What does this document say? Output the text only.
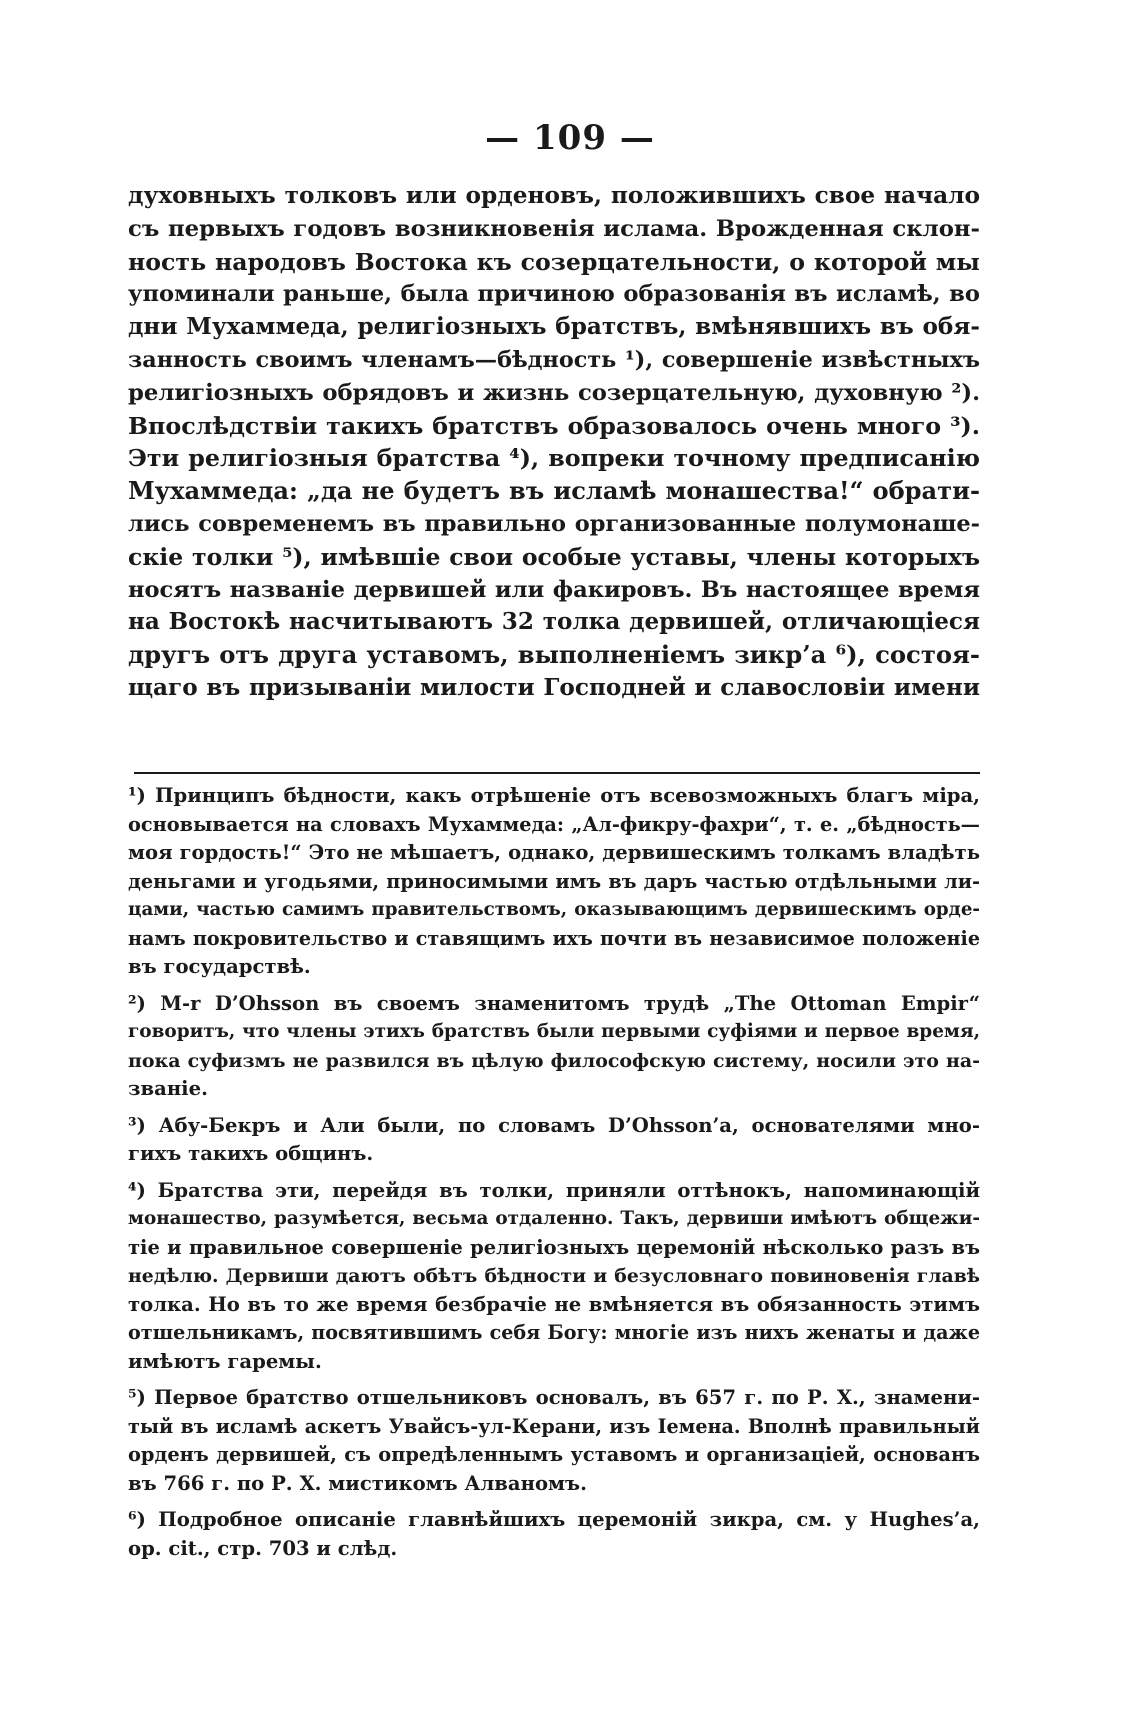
— 109 —
духовныхъ толковъ или орденовъ, положившихъ свое начало
съ первыхъ годовъ возникновенія ислама. Врожденная склон-
ность народовъ Востока къ созерцательности, о которой мы
упоминали раньше, была причиною образованія въ исламѣ, во
дни Мухаммеда, религіозныхъ братствъ, вмѣнявшихъ въ обя-
занность своимъ членамъ—бѣдность ¹), совершеніе извѣстныхъ
религіозныхъ обрядовъ и жизнь созерцательную, духовную ²).
Впослѣдствіи такихъ братствъ образовалось очень много ³).
Эти религіозныя братства ⁴), вопреки точному предписанію
Мухаммеда: „да не будетъ въ исламѣ монашества!“ обрати-
лись современемъ въ правильно организованные полумонаше-
скіе толки ⁵), имѣвшіе свои особые уставы, члены которыхъ
носятъ названіе дервишей или факировъ. Въ настоящее время
на Востокѣ насчитываютъ 32 толка дервишей, отличающіеся
другъ отъ друга уставомъ, выполненіемъ зикр’а ⁶), состоя-
щаго въ призываніи милости Господней и славословіи имени
¹) Принципъ бѣдности, какъ отрѣшеніе отъ всевозможныхъ благъ міра,
основывается на словахъ Мухаммеда: „Ал-фикру-фахри“, т. е. „бѣдность—
моя гордость!“ Это не мѣшаетъ, однако, дервишескимъ толкамъ владѣть
деньгами и угодьями, приносимыми имъ въ даръ частью отдѣльными ли-
цами, частью самимъ правительствомъ, оказывающимъ дервишескимъ орде-
намъ покровительство и ставящимъ ихъ почти въ независимое положеніе
въ государствѣ.
²) M-r D’Ohsson въ своемъ знаменитомъ трудѣ „The Ottoman Empir“
говоритъ, что члены этихъ братствъ были первыми суфіями и первое время,
пока суфизмъ не развился въ цѣлую философскую систему, носили это на-
званіе.
³) Абу-Бекръ и Али были, по словамъ D’Ohsson’a, основателями мно-
гихъ такихъ общинъ.
⁴) Братства эти, перейдя въ толки, приняли оттѣнокъ, напоминающій
монашество, разумѣется, весьма отдаленно. Такъ, дервиши имѣютъ общежи-
тіе и правильное совершеніе религіозныхъ церемоній нѣсколько разъ въ
недѣлю. Дервиши даютъ обѣтъ бѣдности и безусловнаго повиновенія главѣ
толка. Но въ то же время безбрачіе не вмѣняется въ обязанность этимъ
отшельникамъ, посвятившимъ себя Богу: многіе изъ нихъ женаты и даже
имѣютъ гаремы.
⁵) Первое братство отшельниковъ основалъ, въ 657 г. по Р. X., знамени-
тый въ исламѣ аскетъ Увайсъ-ул-Керани, изъ Іемена. Вполнѣ правильный
орденъ дервишей, съ опредѣленнымъ уставомъ и организаціей, основанъ
въ 766 г. по Р. X. мистикомъ Алваномъ.
⁶) Подробное описаніе главнѣйшихъ церемоній зикра, см. у Hughes’a,
op. cit., стр. 703 и слѣд.
